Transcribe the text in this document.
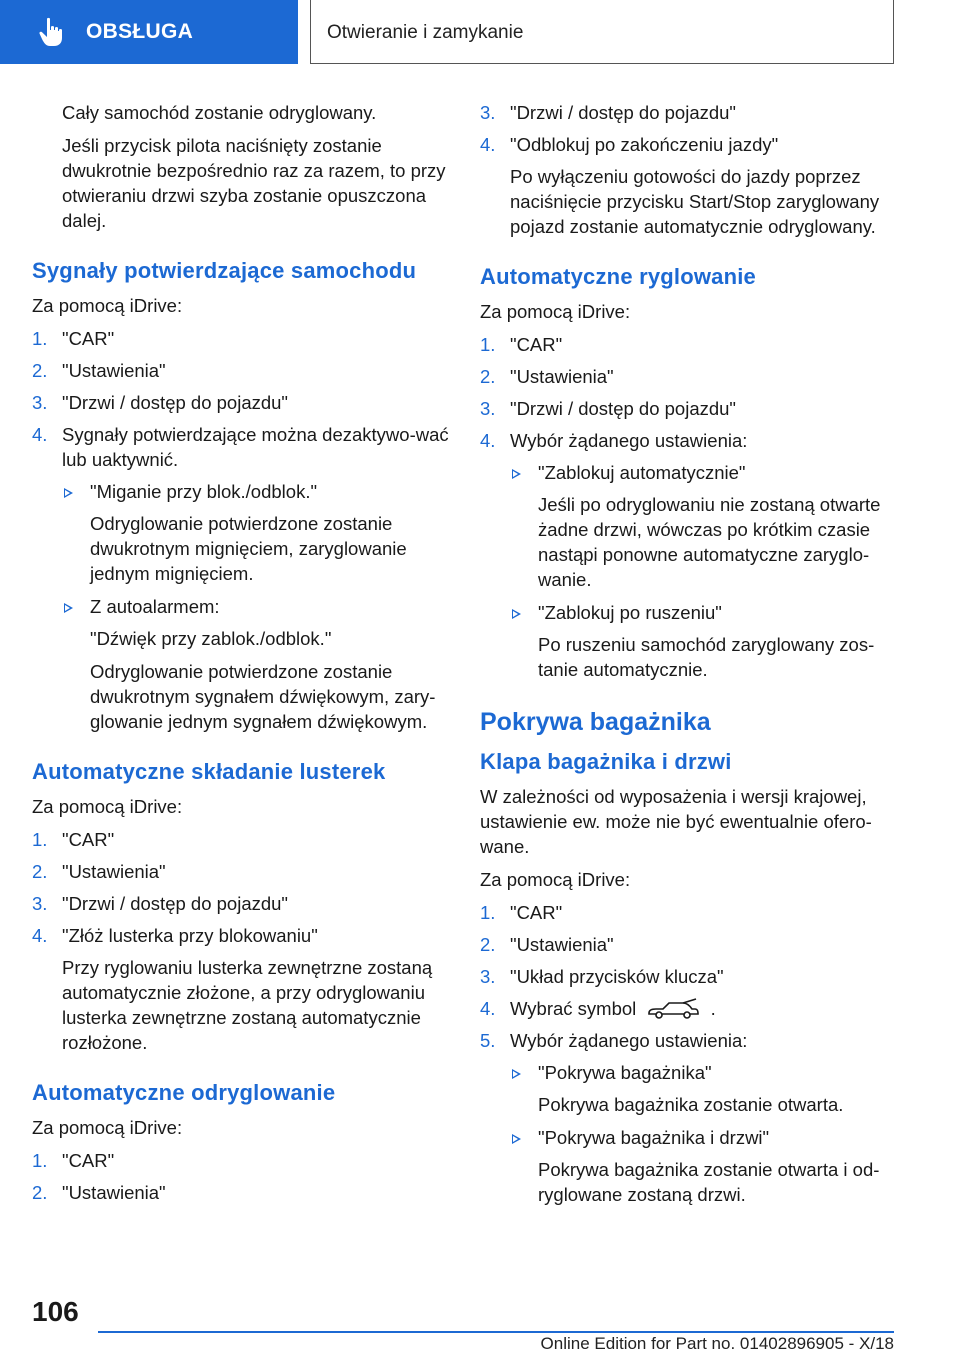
OBSŁUGA	Otwieranie i zamykanie

Cały samochód zostanie odryglowany.

Jeśli przycisk pilota naciśnięty zostanie dwukrotnie bezpośrednio raz za razem, to przy otwieraniu drzwi szyba zostanie opuszczona dalej.

Sygnały potwierdzające samochodu

Za pomocą iDrive:

1. "CAR"
2. "Ustawienia"
3. "Drzwi / dostęp do pojazdu"
4. Sygnały potwierdzające można dezaktywo-wać lub uaktywnić.
"Miganie przy blok./odblok."

Odryglowanie potwierdzone zostanie dwukrotnym mignięciem, zaryglowanie jednym mignięciem.

Z autoalarmem:

"Dźwięk przy zablok./odblok."

Odryglowanie potwierdzone zostanie dwukrotnym sygnałem dźwiękowym, zary-glowanie jednym sygnałem dźwiękowym.

Automatyczne składanie lusterek

Za pomocą iDrive:

1. "CAR"
2. "Ustawienia"
3. "Drzwi / dostęp do pojazdu"
4. "Złóż lusterka przy blokowaniu"

Przy ryglowaniu lusterka zewnętrzne zostaną automatycznie złożone, a przy odryglowaniu lusterka zewnętrzne zostaną automatycznie rozłożone.

Automatyczne odryglowanie

Za pomocą iDrive:

1. "CAR"
2. "Ustawienia"
3. "Drzwi / dostęp do pojazdu"
4. "Odblokuj po zakończeniu jazdy"

Po wyłączeniu gotowości do jazdy poprzez naciśnięcie przycisku Start/Stop zaryglowany pojazd zostanie automatycznie odryglowany.

Automatyczne ryglowanie

Za pomocą iDrive:

1. "CAR"
2. "Ustawienia"
3. "Drzwi / dostęp do pojazdu"
4. Wybór żądanego ustawienia:
"Zablokuj automatycznie"

Jeśli po odryglowaniu nie zostaną otwarte żadne drzwi, wówczas po krótkim czasie nastąpi ponowne automatyczne zaryglo-wanie.

"Zablokuj po ruszeniu"

Po ruszeniu samochód zaryglowany zos-tanie automatycznie.

Pokrywa bagażnika
Klapa bagażnika i drzwi

W zależności od wyposażenia i wersji krajowej, ustawienie ew. może nie być ewentualnie ofero-wane.

Za pomocą iDrive:

1. "CAR"
2. "Ustawienia"
3. "Układ przycisków klucza"
4. Wybrać symbol	.
5. Wybór żądanego ustawienia:
"Pokrywa bagażnika"

Pokrywa bagażnika zostanie otwarta.

"Pokrywa bagażnika i drzwi"

Pokrywa bagażnika zostanie otwarta i od-ryglowane zostaną drzwi.

106
Online Edition for Part no. 01402896905 - X/18
